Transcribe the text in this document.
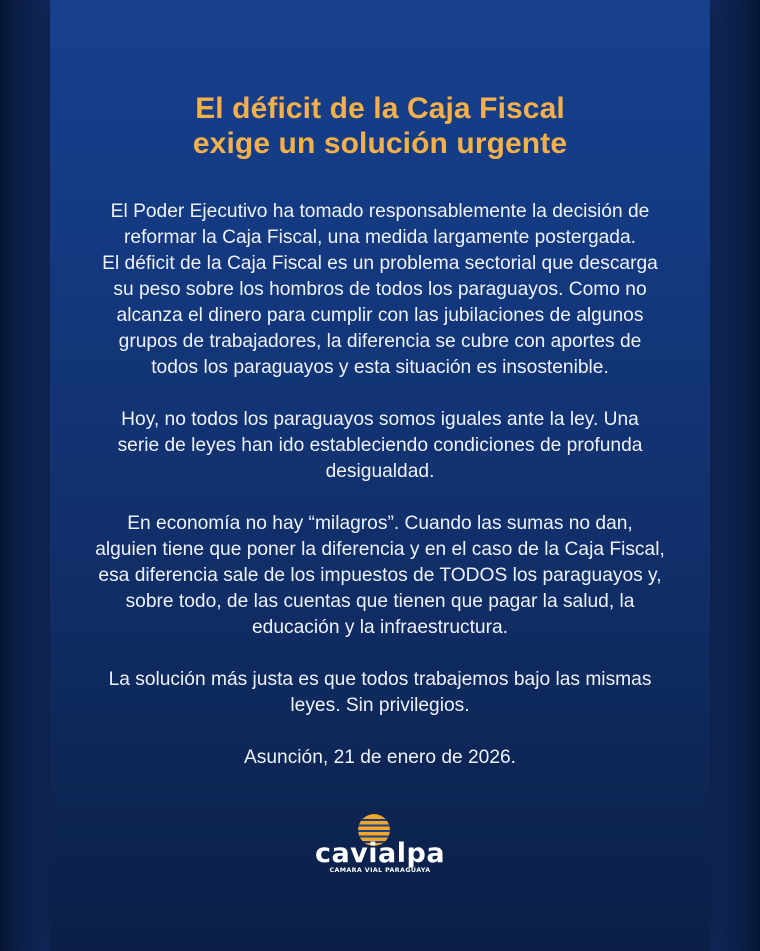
El déficit de la Caja Fiscal
exige un solución urgente
El Poder Ejecutivo ha tomado responsablemente la decisión de
reformar la Caja Fiscal, una medida largamente postergada.
El déficit de la Caja Fiscal es un problema sectorial que descarga
su peso sobre los hombros de todos los paraguayos. Como no
alcanza el dinero para cumplir con las jubilaciones de algunos
grupos de trabajadores, la diferencia se cubre con aportes de
todos los paraguayos y esta situación es insostenible.
Hoy, no todos los paraguayos somos iguales ante la ley. Una
serie de leyes han ido estableciendo condiciones de profunda
desigualdad.
En economía no hay “milagros”. Cuando las sumas no dan,
alguien tiene que poner la diferencia y en el caso de la Caja Fiscal,
esa diferencia sale de los impuestos de TODOS los paraguayos y,
sobre todo, de las cuentas que tienen que pagar la salud, la
educación y la infraestructura.
La solución más justa es que todos trabajemos bajo las mismas
leyes. Sin privilegios.
Asunción, 21 de enero de 2026.
cavialpa
CAMARA VIAL PARAGUAYA
